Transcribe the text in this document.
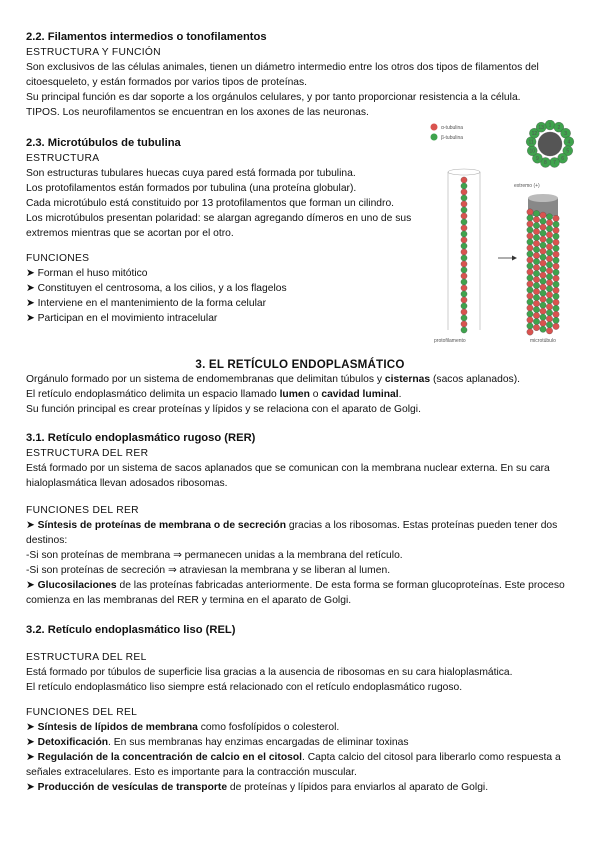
2.2. Filamentos intermedios o tonofilamentos

ESTRUCTURA Y FUNCIÓN

Son exclusivos de las células animales, tienen un diámetro intermedio entre los otros dos tipos de filamentos del citoesqueleto, y están formados por varios tipos de proteínas.

Su principal función es dar soporte a los orgánulos celulares, y por tanto proporcionar resistencia a la célula.

TIPOS. Los neurofilamentos se encuentran en los axones de las neuronas.

2.3. Microtúbulos de tubulina

ESTRUCTURA

Son estructuras tubulares huecas cuya pared está formada por tubulina.

Los protofilamentos están formados por tubulina (una proteína globular).

Cada microtúbulo está constituido por 13 protofilamentos que forman un cilindro.

Los microtúbulos presentan polaridad: se alargan agregando dímeros en uno de sus extremos mientras que se acortan por el otro.

FUNCIONES

➤ Forman el huso mitótico

➤ Constituyen el centrosoma, a los cilios, y a los flagelos

➤ Interviene en el mantenimiento de la forma celular

➤ Participan en el movimiento intracelular

α-tubulina
β-tubulina
1 2
3
4
5
6
7
8
9
10
11
12
13
extremo (+)
protofilamento	microtúbulo

3. EL RETÍCULO ENDOPLASMÁTICO

Orgánulo formado por un sistema de endomembranas que delimitan túbulos y cisternas (sacos aplanados).

El retículo endoplasmático delimita un espacio llamado lumen o cavidad luminal.

Su función principal es crear proteínas y lípidos y se relaciona con el aparato de Golgi.

3.1. Retículo endoplasmático rugoso (RER)

ESTRUCTURA DEL RER

Está formado por un sistema de sacos aplanados que se comunican con la membrana nuclear externa. En su cara hialoplasmática llevan adosados ribosomas.

FUNCIONES DEL RER

➤ Síntesis de proteínas de membrana o de secreción gracias a los ribosomas. Estas proteínas pueden tener dos destinos:

-Si son proteínas de membrana ⇒ permanecen unidas a la membrana del retículo.

-Si son proteínas de secreción ⇒ atraviesan la membrana y se liberan al lumen.

➤ Glucosilaciones de las proteínas fabricadas anteriormente. De esta forma se forman glucoproteínas. Este proceso comienza en las membranas del RER y termina en el aparato de Golgi.

3.2. Retículo endoplasmático liso (REL)

ESTRUCTURA DEL REL

Está formado por túbulos de superficie lisa gracias a la ausencia de ribosomas en su cara hialoplasmática.

El retículo endoplasmático liso siempre está relacionado con el retículo endoplasmático rugoso.

FUNCIONES DEL REL

➤ Síntesis de lípidos de membrana como fosfolípidos o colesterol.

➤ Detoxificación. En sus membranas hay enzimas encargadas de eliminar toxinas

➤ Regulación de la concentración de calcio en el citosol. Capta calcio del citosol para liberarlo como respuesta a señales extracelulares. Esto es importante para la contracción muscular.

➤ Producción de vesículas de transporte de proteínas y lípidos para enviarlos al aparato de Golgi.
